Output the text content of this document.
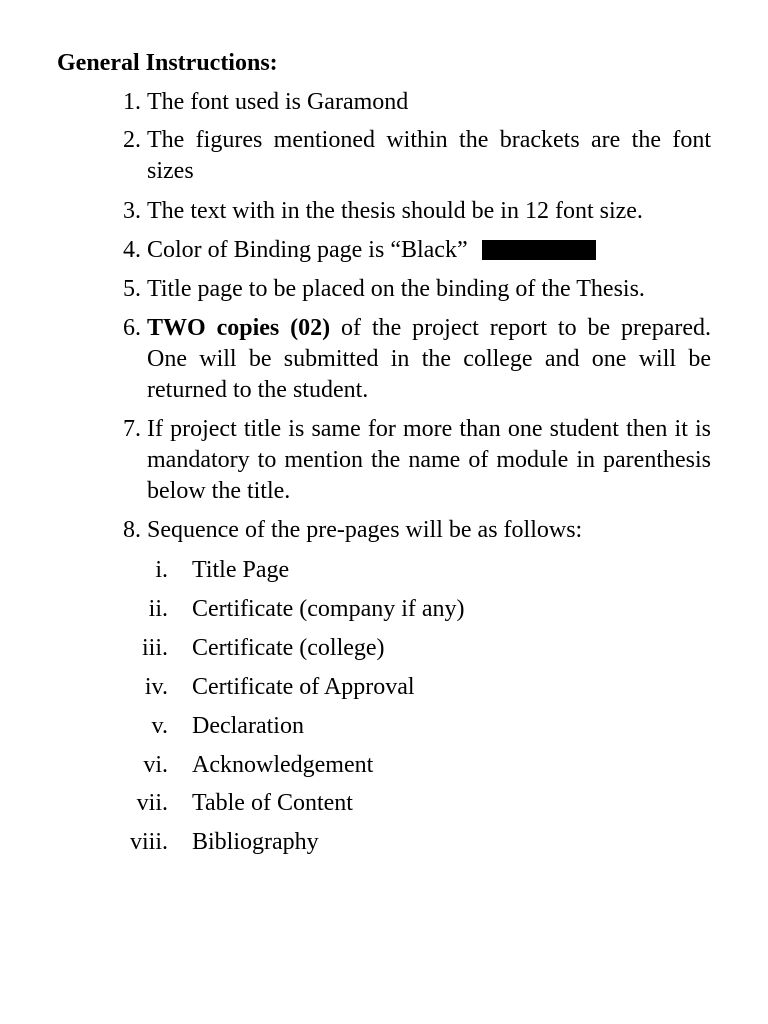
General Instructions:
1. The font used is Garamond
2. The figures mentioned within the brackets are the font sizes
3. The text with in the thesis should be in 12 font size.
4. Color of Binding page is “Black”
5. Title page to be placed on the binding of the Thesis.
6. TWO copies (02) of the project report to be prepared. One will be submitted in the college and one will be returned to the student.
7. If project title is same for more than one student then it is mandatory to mention the name of module in parenthesis below the title.
8. Sequence of the pre-pages will be as follows:
i. Title Page
ii. Certificate (company if any)
iii. Certificate (college)
iv. Certificate of Approval
v. Declaration
vi. Acknowledgement
vii. Table of Content
viii. Bibliography
